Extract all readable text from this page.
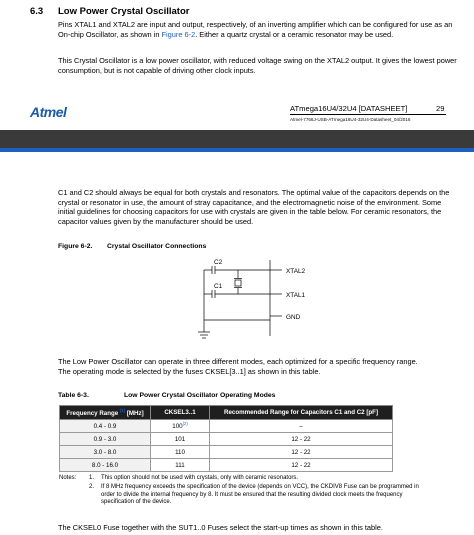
6.3 Low Power Crystal Oscillator
Pins XTAL1 and XTAL2 are input and output, respectively, of an inverting amplifier which can be configured for use as an On-chip Oscillator, as shown in Figure 6-2. Either a quartz crystal or a ceramic resonator may be used.
This Crystal Oscillator is a low power oscillator, with reduced voltage swing on the XTAL2 output. It gives the lowest power consumption, but is not capable of driving other clock inputs.
Atmel	ATmega16U4/32U4 [DATASHEET]	29
Atmel-7766J-USB-ATmega16U4-32U4-Datasheet_04/2016
C1 and C2 should always be equal for both crystals and resonators. The optimal value of the capacitors depends on the crystal or resonator in use, the amount of stray capacitance, and the electromagnetic noise of the environment. Some initial guidelines for choosing capacitors for use with crystals are given in the table below. For ceramic resonators, the capacitor values given by the manufacturer should be used.
Figure 6-2. Crystal Oscillator Connections
C2
C1
XTAL2
XTAL1
GND
The Low Power Oscillator can operate in three different modes, each optimized for a specific frequency range.
The operating mode is selected by the fuses CKSEL[3..1] as shown in this table.
Table 6-3.	Low Power Crystal Oscillator Operating Modes
Frequency Range $^{(1)}$ [MHz]	CKSEL3..1	Recommended Range for Capacitors C1 and C2 [pF]
0.4 - 0.9	100$^{(2)}$	–
0.9 - 3.0	101	12 - 22
3.0 - 8.0	110	12 - 22
8.0 - 16.0	111	12 - 22
Notes: 1. This option should not be used with crystals, only with ceramic resonators.
2. If 8 MHz frequency exceeds the specification of the device (depends on VCC), the CKDIV8 Fuse can be programmed in order to divide the internal frequency by 8. It must be ensured that the resulting divided clock meets the frequency specification of the device.
The CKSEL0 Fuse together with the SUT1..0 Fuses select the start-up times as shown in this table.
